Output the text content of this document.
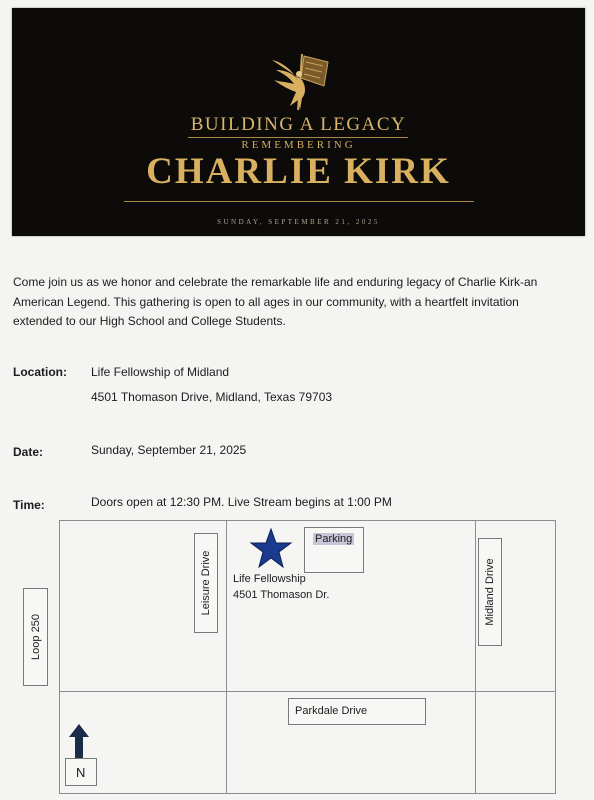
BUILDING A LEGACY
REMEMBERING
CHARLIE KIRK
SUNDAY, SEPTEMBER 21, 2025
Come join us as we honor and celebrate the remarkable life and enduring legacy of Charlie Kirk-an
American Legend. This gathering is open to all ages in our community, with a heartfelt invitation
extended to our High School and College Students.
Location: Life Fellowship of Midland
4501 Thomason Drive, Midland, Texas 79703
Date:	Sunday, September 21, 2025
Time:	Doors open at 12:30 PM. Live Stream begins at 1:00 PM
Loop 250
Leisure Drive	Midland Drive
Parking
Life Fellowship
4501 Thomason Dr.
Parkdale Drive
N
